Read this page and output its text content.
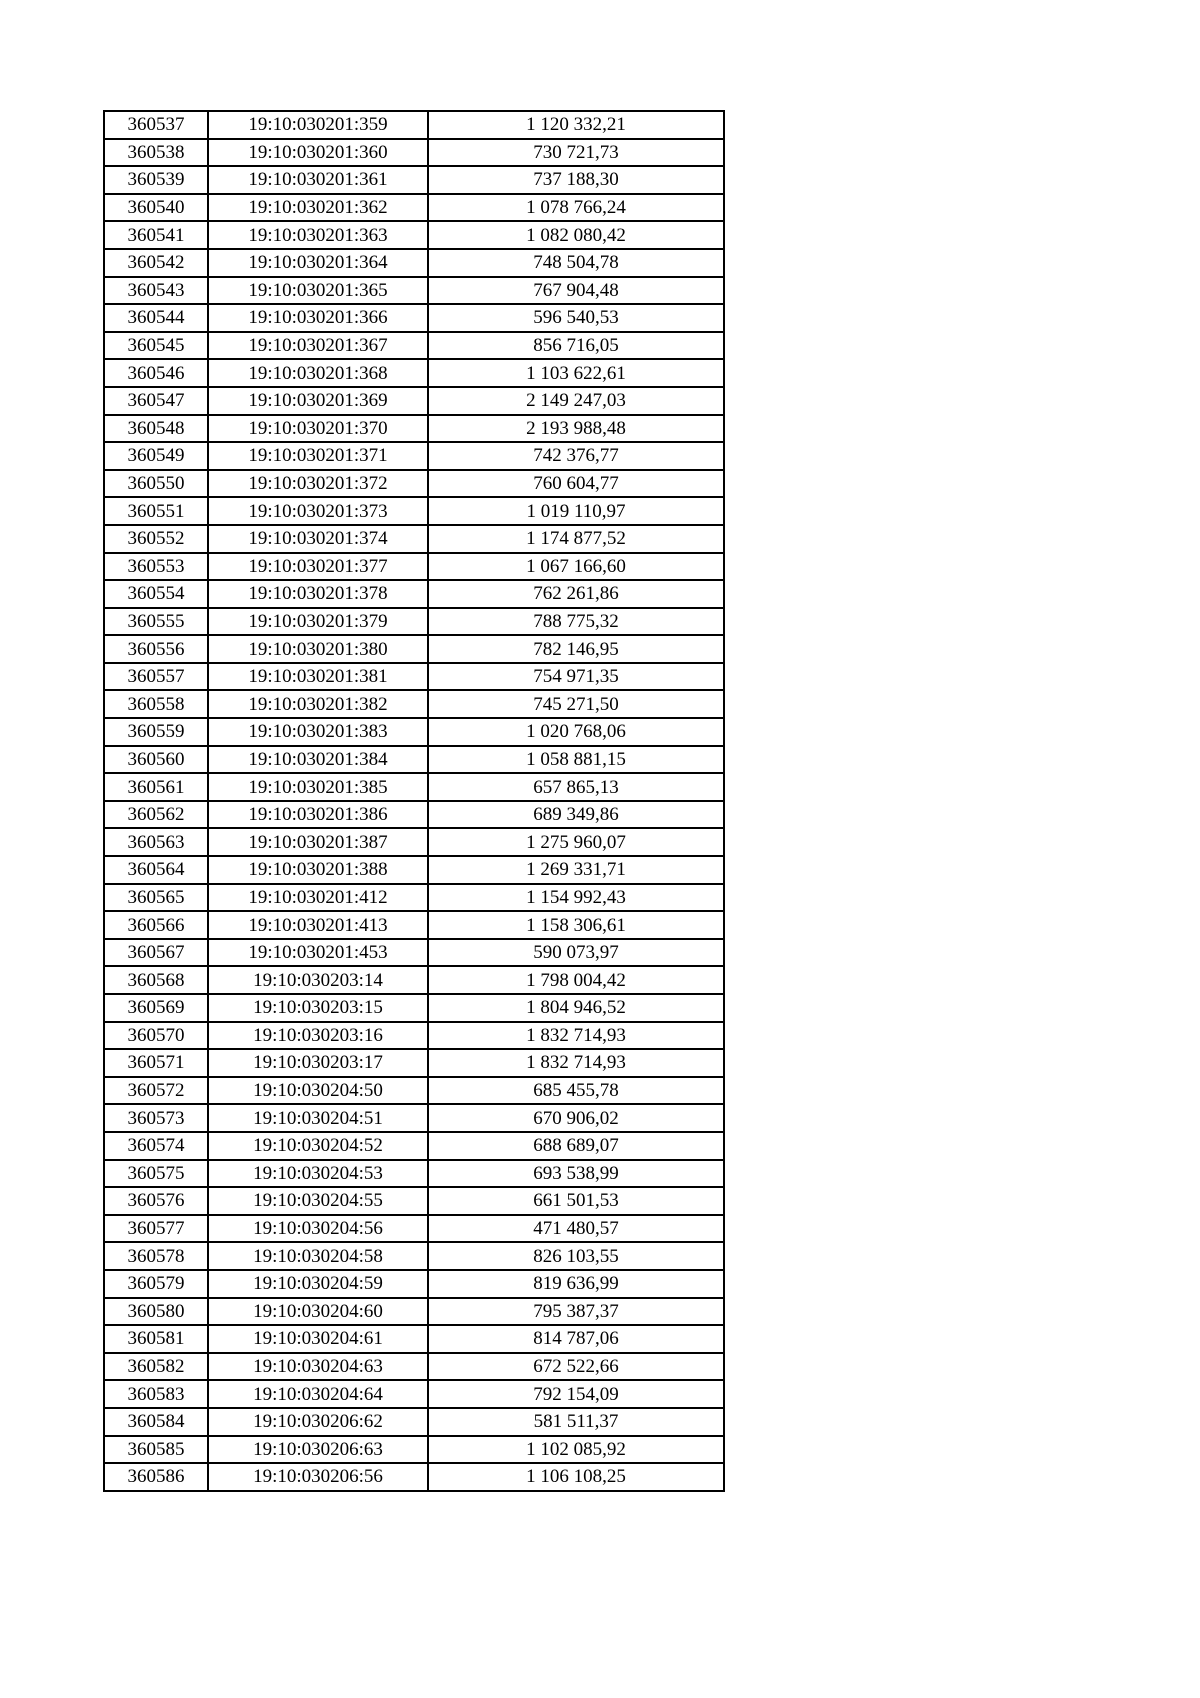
360537	19:10:030201:359	1 120 332,21
360538	19:10:030201:360	730 721,73
360539	19:10:030201:361	737 188,30
360540	19:10:030201:362	1 078 766,24
360541	19:10:030201:363	1 082 080,42
360542	19:10:030201:364	748 504,78
360543	19:10:030201:365	767 904,48
360544	19:10:030201:366	596 540,53
360545	19:10:030201:367	856 716,05
360546	19:10:030201:368	1 103 622,61
360547	19:10:030201:369	2 149 247,03
360548	19:10:030201:370	2 193 988,48
360549	19:10:030201:371	742 376,77
360550	19:10:030201:372	760 604,77
360551	19:10:030201:373	1 019 110,97
360552	19:10:030201:374	1 174 877,52
360553	19:10:030201:377	1 067 166,60
360554	19:10:030201:378	762 261,86
360555	19:10:030201:379	788 775,32
360556	19:10:030201:380	782 146,95
360557	19:10:030201:381	754 971,35
360558	19:10:030201:382	745 271,50
360559	19:10:030201:383	1 020 768,06
360560	19:10:030201:384	1 058 881,15
360561	19:10:030201:385	657 865,13
360562	19:10:030201:386	689 349,86
360563	19:10:030201:387	1 275 960,07
360564	19:10:030201:388	1 269 331,71
360565	19:10:030201:412	1 154 992,43
360566	19:10:030201:413	1 158 306,61
360567	19:10:030201:453	590 073,97
360568	19:10:030203:14	1 798 004,42
360569	19:10:030203:15	1 804 946,52
360570	19:10:030203:16	1 832 714,93
360571	19:10:030203:17	1 832 714,93
360572	19:10:030204:50	685 455,78
360573	19:10:030204:51	670 906,02
360574	19:10:030204:52	688 689,07
360575	19:10:030204:53	693 538,99
360576	19:10:030204:55	661 501,53
360577	19:10:030204:56	471 480,57
360578	19:10:030204:58	826 103,55
360579	19:10:030204:59	819 636,99
360580	19:10:030204:60	795 387,37
360581	19:10:030204:61	814 787,06
360582	19:10:030204:63	672 522,66
360583	19:10:030204:64	792 154,09
360584	19:10:030206:62	581 511,37
360585	19:10:030206:63	1 102 085,92
360586	19:10:030206:56	1 106 108,25
